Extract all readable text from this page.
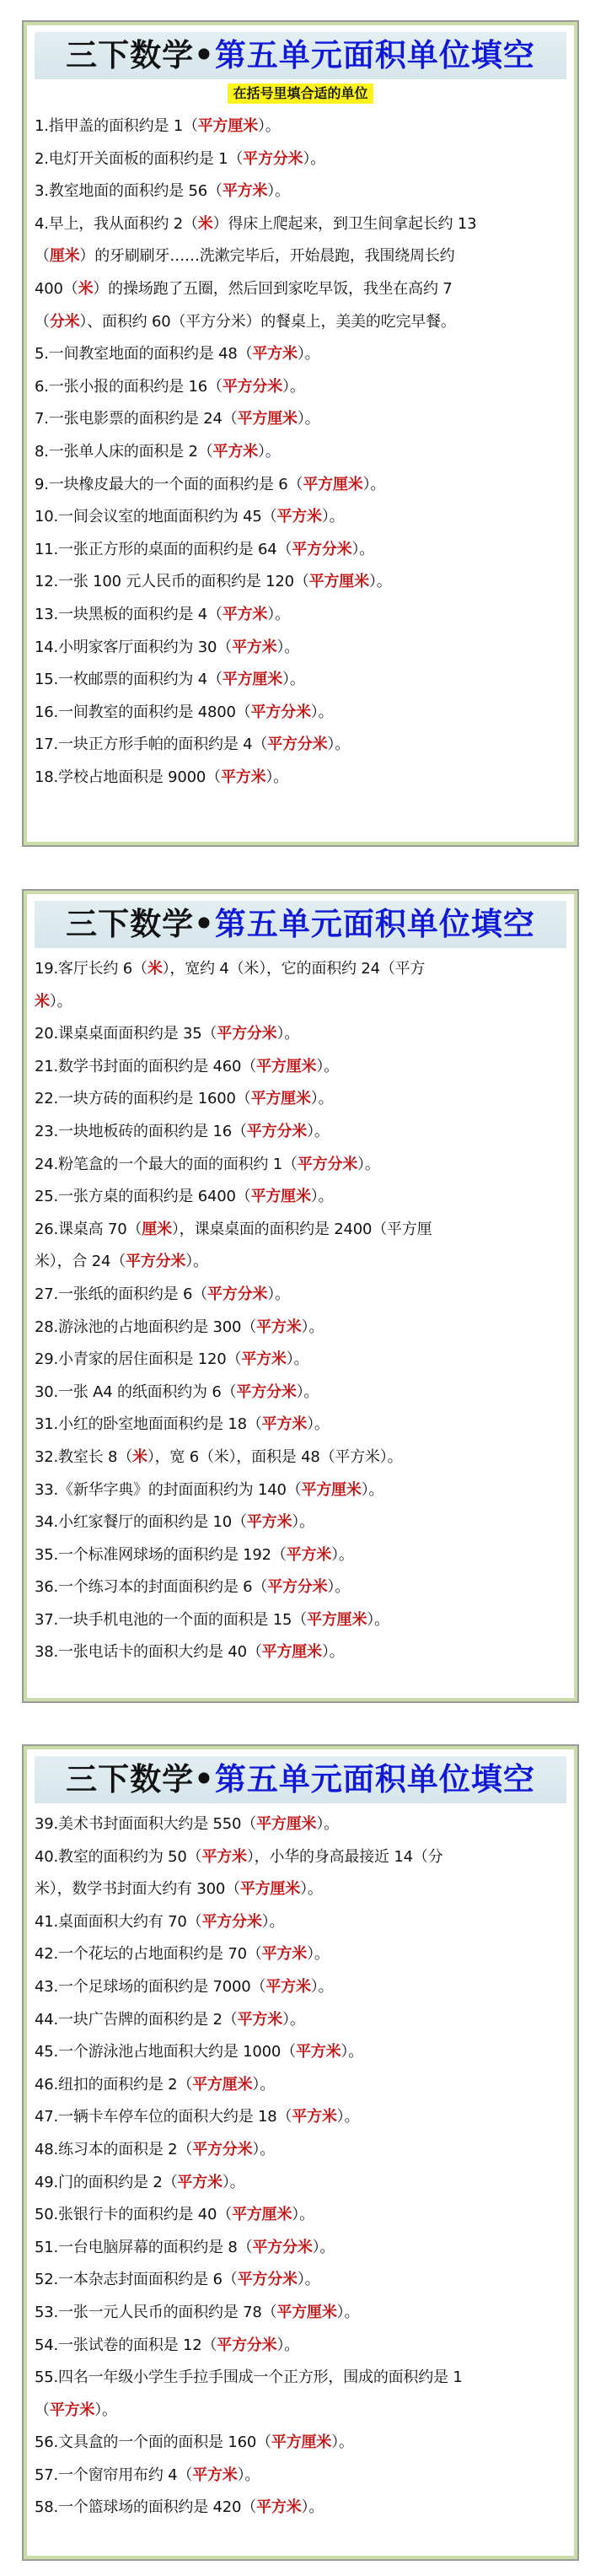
三下数学• 第五单元面积单位填空
在括号里填合适的单位
1.指甲盖的面积约是 1（平方厘米）。
2.电灯开关面板的面积约是 1（平方分米）。
3.教室地面的面积约是 56（平方米）。
4.早上，我从面积约 2（米）得床上爬起来，到卫生间拿起长约 13
（厘米）的牙刷刷牙……洗漱完毕后，开始晨跑，我围绕周长约
400（米）的操场跑了五圈，然后回到家吃早饭，我坐在高约 7
（分米）、面积约 60（平方分米）的餐桌上，美美的吃完早餐。
5.一间教室地面的面积约是 48（平方米）。
6.一张小报的面积约是 16（平方分米）。
7.一张电影票的面积约是 24（平方厘米）。
8.一张单人床的面积是 2（平方米）。
9.一块橡皮最大的一个面的面积约是 6（平方厘米）。
10.一间会议室的地面面积约为 45（平方米）。
11.一张正方形的桌面的面积约是 64（平方分米）。
12.一张 100 元人民币的面积约是 120（平方厘米）。
13.一块黑板的面积约是 4（平方米）。
14.小明家客厅面积约为 30（平方米）。
15.一枚邮票的面积约为 4（平方厘米）。
16.一间教室的面积约是 4800（平方分米）。
17.一块正方形手帕的面积约是 4（平方分米）。
18.学校占地面积是 9000（平方米）。
三下数学• 第五单元面积单位填空
19.客厅长约 6（米），宽约 4（米），它的面积约 24（平方
米）。
20.课桌桌面面积约是 35（平方分米）。
21.数学书封面的面积约是 460（平方厘米）。
22.一块方砖的面积约是 1600（平方厘米）。
23.一块地板砖的面积约是 16（平方分米）。
24.粉笔盒的一个最大的面的面积约 1（平方分米）。
25.一张方桌的面积约是 6400（平方厘米）。
26.课桌高 70（厘米），课桌桌面的面积约是 2400（平方厘
米），合 24（平方分米）。
27.一张纸的面积约是 6（平方分米）。
28.游泳池的占地面积约是 300（平方米）。
29.小青家的居住面积是 120（平方米）。
30.一张 A4 的纸面积约为 6（平方分米）。
31.小红的卧室地面面积约是 18（平方米）。
32.教室长 8（米），宽 6（米），面积是 48（平方米）。
33.《新华字典》的封面面积约为 140（平方厘米）。
34.小红家餐厅的面积约是 10（平方米）。
35.一个标准网球场的面积约是 192（平方米）。
36.一个练习本的封面面积约是 6（平方分米）。
37.一块手机电池的一个面的面积是 15（平方厘米）。
38.一张电话卡的面积大约是 40（平方厘米）。
三下数学• 第五单元面积单位填空
39.美术书封面面积大约是 550（平方厘米）。
40.教室的面积约为 50（平方米），小华的身高最接近 14（分
米），数学书封面大约有 300（平方厘米）。
41.桌面面积大约有 70（平方分米）。
42.一个花坛的占地面积约是 70（平方米）。
43.一个足球场的面积约是 7000（平方米）。
44.一块广告牌的面积约是 2（平方米）。
45.一个游泳池占地面积大约是 1000（平方米）。
46.纽扣的面积约是 2（平方厘米）。
47.一辆卡车停车位的面积大约是 18（平方米）。
48.练习本的面积是 2（平方分米）。
49.门的面积约是 2（平方米）。
50.张银行卡的面积约是 40（平方厘米）。
51.一台电脑屏幕的面积约是 8（平方分米）。
52.一本杂志封面面积约是 6（平方分米）。
53.一张一元人民币的面积约是 78（平方厘米）。
54.一张试卷的面积是 12（平方分米）。
55.四名一年级小学生手拉手围成一个正方形，围成的面积约是 1
（平方米）。
56.文具盒的一个面的面积是 160（平方厘米）。
57.一个窗帘用布约 4（平方米）。
58.一个篮球场的面积约是 420（平方米）。
